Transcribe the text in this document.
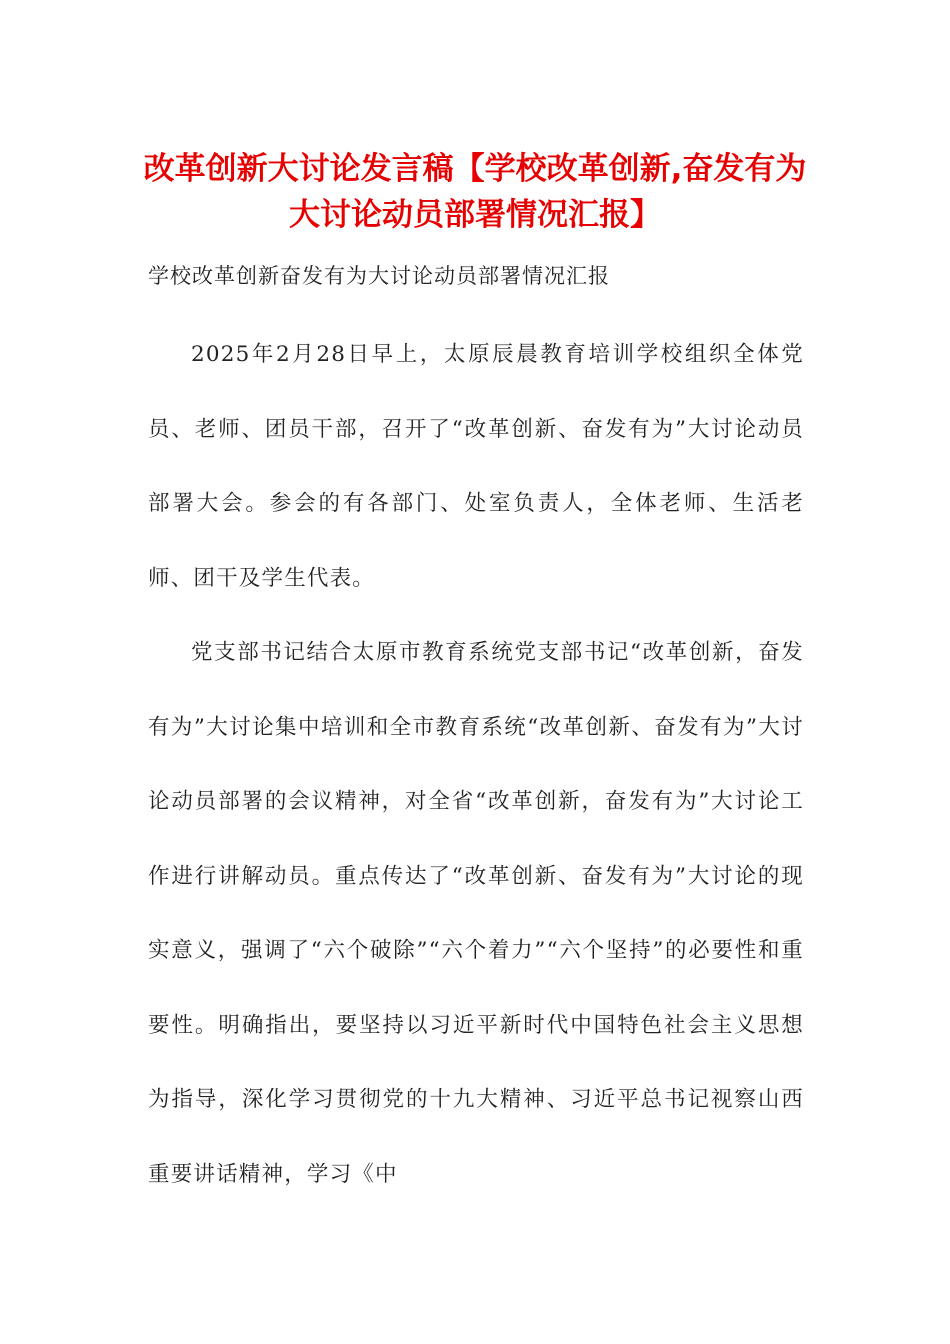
改革创新大讨论发言稿【学校改革创新,奋发有为大讨论动员部署情况汇报】

学校改革创新奋发有为大讨论动员部署情况汇报

2025年2月28日早上，太原辰晨教育培训学校组织全体党员、老师、团员干部，召开了“改革创新、奋发有为”大讨论动员部署大会。参会的有各部门、处室负责人，全体老师、生活老师、团干及学生代表。

党支部书记结合太原市教育系统党支部书记“改革创新，奋发有为”大讨论集中培训和全市教育系统“改革创新、奋发有为”大讨论动员部署的会议精神，对全省“改革创新，奋发有为”大讨论工作进行讲解动员。重点传达了“改革创新、奋发有为”大讨论的现实意义，强调了“六个破除”“六个着力”“六个坚持”的必要性和重要性。明确指出，要坚持以习近平新时代中国特色社会主义思想为指导，深化学习贯彻党的十九大精神、习近平总书记视察山西重要讲话精神，学习《中
